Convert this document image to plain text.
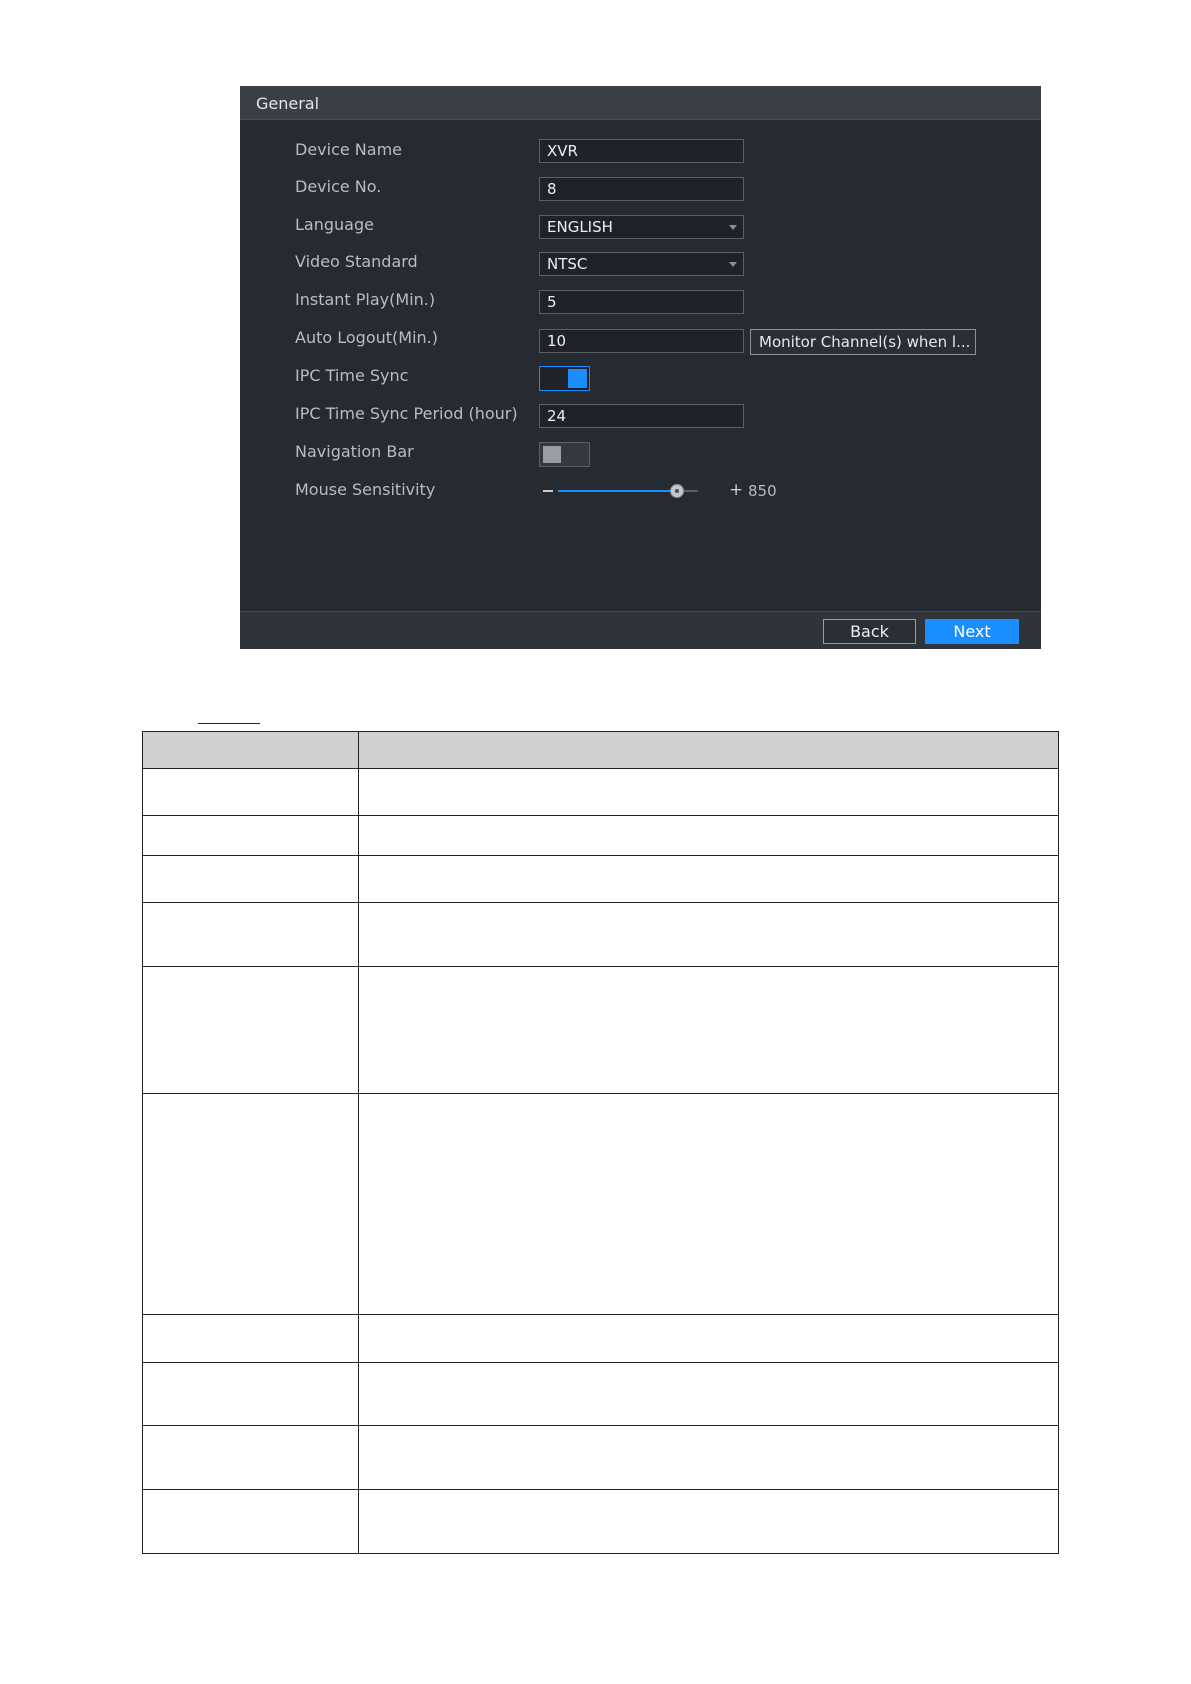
General
Device Name	XVR
Device No.	8
Language	ENGLISH
Video Standard	NTSC
Instant Play(Min.)	5
Auto Logout(Min.)	10	Monitor Channel(s) when l...
IPC Time Sync
IPC Time Sync Period (hour)	24
Navigation Bar
Mouse Sensitivity	+ 850
Back	Next
